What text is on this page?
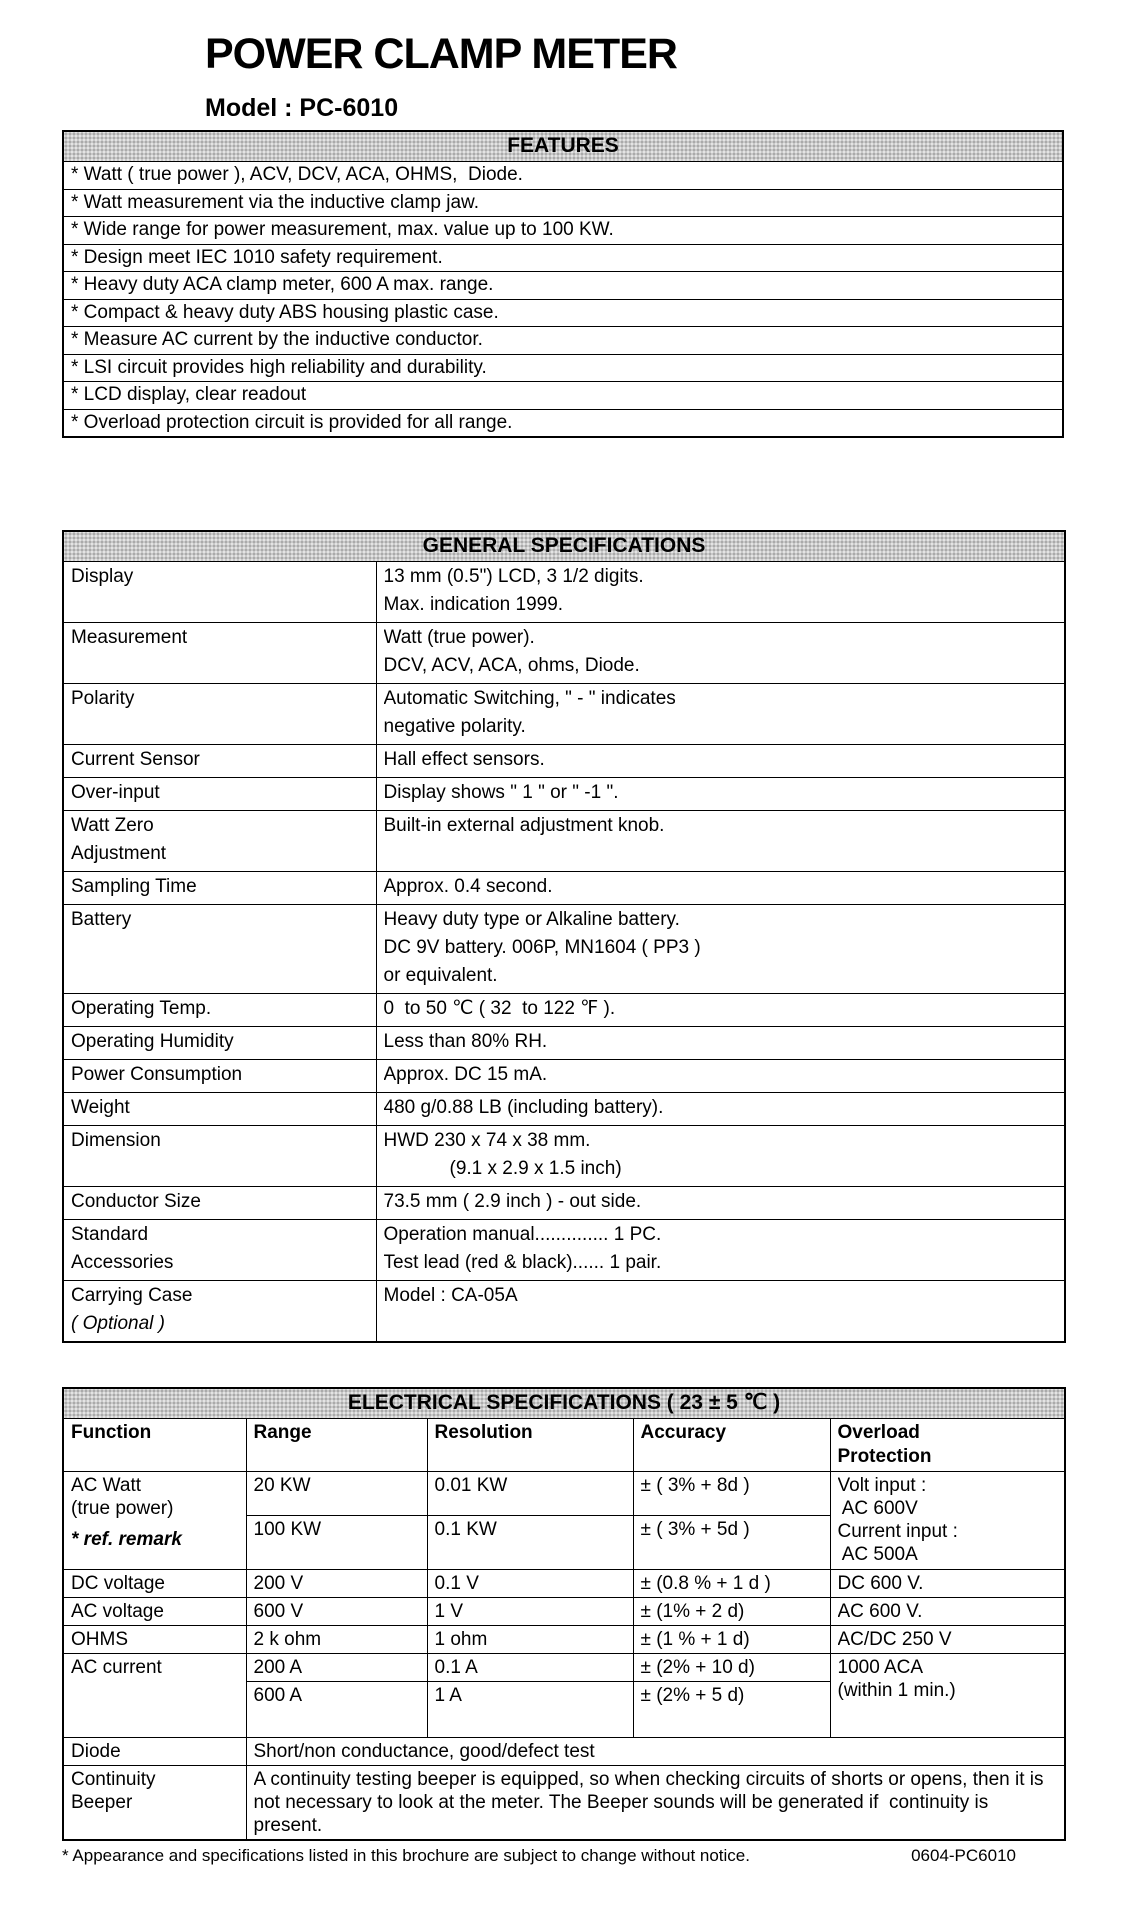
POWER CLAMP METER
Model : PC-6010
FEATURES
* Watt ( true power ), ACV, DCV, ACA, OHMS,  Diode.
* Watt measurement via the inductive clamp jaw.
* Wide range for power measurement, max. value up to 100 KW.
* Design meet IEC 1010 safety requirement.
* Heavy duty ACA clamp meter, 600 A max. range.
* Compact & heavy duty ABS housing plastic case.
* Measure AC current by the inductive conductor.
* LSI circuit provides high reliability and durability.
* LCD display, clear readout
* Overload protection circuit is provided for all range.
GENERAL SPECIFICATIONS	

Display	13 mm (0.5") LCD, 3 1/2 digits.
Max. indication 1999.

Measurement	Watt (true power).
DCV, ACV, ACA, ohms, Diode.

Polarity	Automatic Switching, " - " indicates
negative polarity.

Current Sensor	Hall effect sensors.

Over-input	Display shows " 1 " or " -1 ".

Watt Zero Adjustment	Built-in external adjustment knob.

Sampling Time	Approx. 0.4 second.

Battery	Heavy duty type or Alkaline battery.
DC 9V battery. 006P, MN1604 ( PP3 )
or equivalent.

Operating Temp.	0  to 50 ℃ ( 32  to 122 ℉ ).

Operating Humidity	Less than 80% RH.

Power Consumption	Approx. DC 15 mA.

Weight	480 g/0.88 LB (including battery).

Dimension	HWD 230 x 74 x 38 mm.
(9.1 x 2.9 x 1.5 inch)

Conductor Size	73.5 mm ( 2.9 inch ) - out side.

Standard Accessories	Operation manual.............. 1 PC.
Test lead (red & black)...... 1 pair.

Carrying Case
( Optional )	Model : CA-05A
ELECTRICAL SPECIFICATIONS ( 23 ± 5 ℃ )				
Function	Range	Resolution	Accuracy	Overload Protection

AC Watt
(true power)
* ref. remark

20 KW	0.01 KW	± ( 3% + 8d )	Volt input :
AC 600V
Current input :
AC 500A

	100 KW	0.1 KW	± ( 3% + 5d )	

DC voltage	200 V	0.1 V	± (0.8 % + 1 d )	DC 600 V.

AC voltage	600 V	1 V	± (1% + 2 d)	AC 600 V.

OHMS	2 k ohm	1 ohm	± (1 % + 1 d)	AC/DC 250 V

AC current	200 A	0.1 A	± (2% + 10 d)	1000 ACA
(within 1 min.)

	600 A	1 A	± (2% + 5 d)	

Diode	Short/non conductance, good/defect test			

Continuity
Beeper	A continuity testing beeper is equipped, so when checking circuits of shorts or opens, then it is  not necessary to look at the meter. The Beeper sounds will be generated if  continuity is present.			
* Appearance and specifications listed in this brochure are subject to change without notice.	0604-PC6010
